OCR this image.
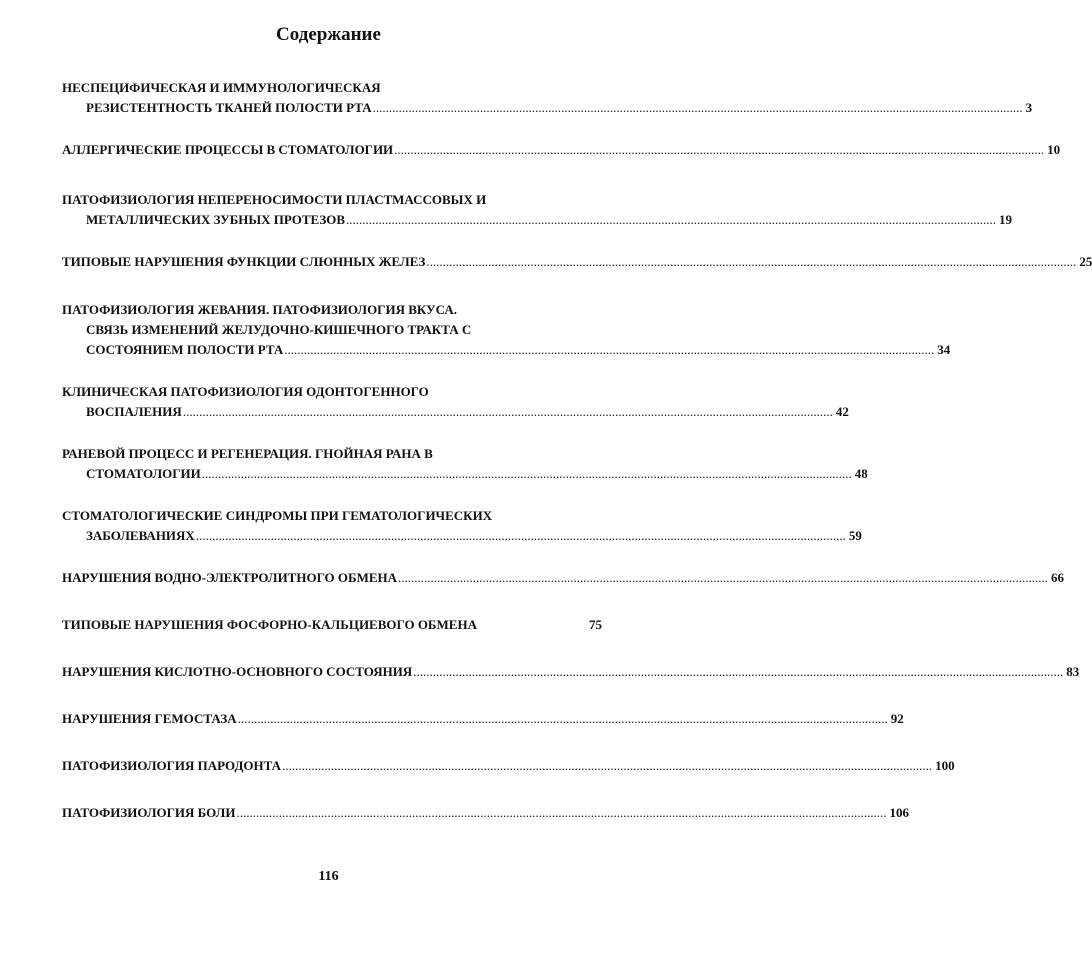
Содержание
НЕСПЕЦИФИЧЕСКАЯ И ИММУНОЛОГИЧЕСКАЯ
РЕЗИСТЕНТНОСТЬ ТКАНЕЙ ПОЛОСТИ РТА ........................................................................................................................................................................................................ 3
АЛЛЕРГИЧЕСКИЕ ПРОЦЕССЫ В СТОМАТОЛОГИИ ........................................................................................................................................................................................................ 10
ПАТОФИЗИОЛОГИЯ НЕПЕРЕНОСИМОСТИ ПЛАСТМАССОВЫХ И
МЕТАЛЛИЧЕСКИХ ЗУБНЫХ ПРОТЕЗОВ ........................................................................................................................................................................................................ 19
ТИПОВЫЕ НАРУШЕНИЯ ФУНКЦИИ СЛЮННЫХ ЖЕЛЕЗ ........................................................................................................................................................................................................ 25
ПАТОФИЗИОЛОГИЯ ЖЕВАНИЯ. ПАТОФИЗИОЛОГИЯ ВКУСА.
СВЯЗЬ ИЗМЕНЕНИЙ ЖЕЛУДОЧНО-КИШЕЧНОГО ТРАКТА С
СОСТОЯНИЕМ ПОЛОСТИ РТА ........................................................................................................................................................................................................ 34
КЛИНИЧЕСКАЯ ПАТОФИЗИОЛОГИЯ ОДОНТОГЕННОГО
ВОСПАЛЕНИЯ ........................................................................................................................................................................................................ 42
РАНЕВОЙ ПРОЦЕСС И РЕГЕНЕРАЦИЯ. ГНОЙНАЯ РАНА В
СТОМАТОЛОГИИ ........................................................................................................................................................................................................ 48
СТОМАТОЛОГИЧЕСКИЕ СИНДРОМЫ ПРИ ГЕМАТОЛОГИЧЕСКИХ
ЗАБОЛЕВАНИЯХ ........................................................................................................................................................................................................ 59
НАРУШЕНИЯ ВОДНО-ЭЛЕКТРОЛИТНОГО ОБМЕНА ........................................................................................................................................................................................................ 66
ТИПОВЫЕ НАРУШЕНИЯ ФОСФОРНО-КАЛЬЦИЕВОГО ОБМЕНА	75
НАРУШЕНИЯ КИСЛОТНО-ОСНОВНОГО СОСТОЯНИЯ ........................................................................................................................................................................................................ 83
НАРУШЕНИЯ ГЕМОСТАЗА ........................................................................................................................................................................................................ 92
ПАТОФИЗИОЛОГИЯ ПАРОДОНТА ........................................................................................................................................................................................................ 100
ПАТОФИЗИОЛОГИЯ БОЛИ ........................................................................................................................................................................................................ 106
116
